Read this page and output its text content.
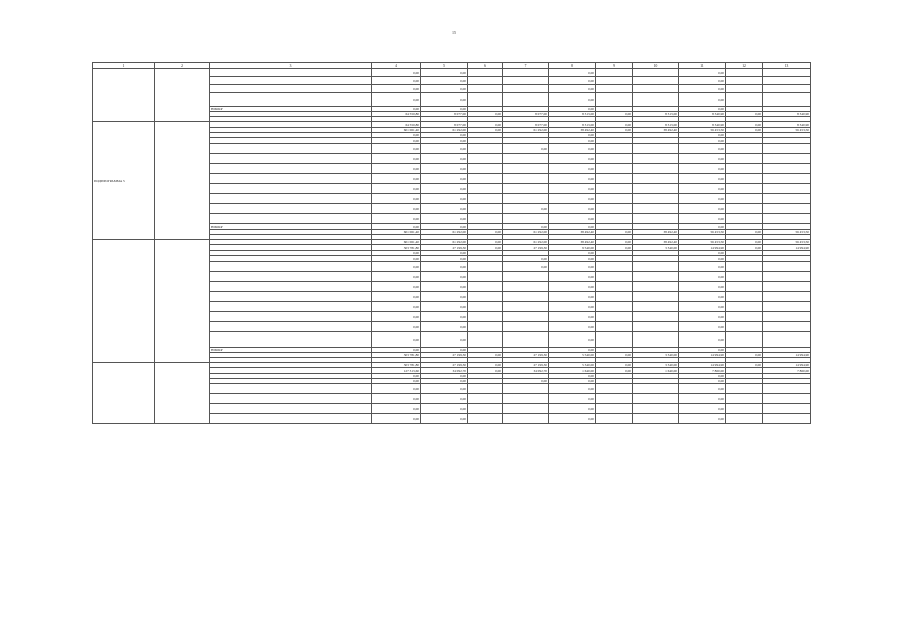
15
1	2	3	4	5	6	7	8	9	10	11	12	13
			0,00	0,00			0,00			0,00		
			0,00	0,00			0,00			0,00		
			0,00	0,00			0,00			0,00		
			0,00	0,00			0,00			0,00		
		НИОКР	0,00	0,00			0,00			0,00		
			64 550,80	8 077,00	0,00	8 077,00	8 313,00	0,00	8 313,00	8 340,90	0,00	8 340,90

ПОДПРОГРАММА 5			64 550,80	8 077,00	0,00	8 077,00	8 313,00	0,00	8 313,00	8 340,90	0,00	8 340,90
			601 061,40	61 292,00	0,00	61 292,00	38 492,40	0,00	38 492,40	56 453,50	0,00	56 453,50
			0,00	0,00			0,00			0,00		
			0,00	0,00			0,00			0,00		
			0,00	0,00		0,00	0,00			0,00		
			0,00	0,00			0,00			0,00		
			0,00	0,00			0,00			0,00		
			0,00	0,00			0,00			0,00		
			0,00	0,00			0,00			0,00		
			0,00	0,00			0,00			0,00		
			0,00	0,00		0,00	0,00			0,00		
			0,00	0,00			0,00			0,00		
		НИОКР	0,00	0,00		0,00	0,00			0,00		
			601 061,40	61 292,00	0,00	61 292,00	38 492,40	0,00	38 492,40	56 453,50	0,00	56 453,50

			601 061,40	61 292,00	0,00	61 292,00	38 492,40	0,00	38 492,40	56 453,50	0,00	56 453,50
			303 781,80	27 199,30	0,00	27 199,30	9 540,00	0,00	3 340,00	14 994,90	0,00	14 994,90
			0,00	0,00			0,00			0,00		
			0,00	0,00		0,00	0,00			0,00		
			0,00	0,00		0,00	0,00			0,00		
			0,00	0,00			0,00			0,00		
			0,00	0,00			0,00			0,00		
			0,00	0,00			0,00			0,00		
			0,00	0,00			0,00			0,00		
			0,00	0,00			0,00			0,00		
			0,00	0,00			0,00			0,00		
			0,00	0,00			0,00			0,00		
		НИОКР	0,00	0,00			0,00			0,00		
			303 781,80	27 199,30	0,00	27 199,30	5 540,00	0,00	3 340,00	14 994,90	0,00	14 994,90

			303 781,80	27 199,30	0,00	27 199,30	5 340,00	0,00	3 340,00	14 994,90	0,00	14 994,90
			127 313,60	34 092,70	0,00	34 092,70	1 640,00	0,00	1 640,00	7 860,00		7 860,00
			0,00	0,00			0,00			0,00		
			0,00	0,00		0,00	0,00			0,00		
			0,00	0,00			0,00			0,00		
			0,00	0,00			0,00			0,00		
			0,00	0,00			0,00			0,00		
			0,00	0,00			0,00			0,00		
